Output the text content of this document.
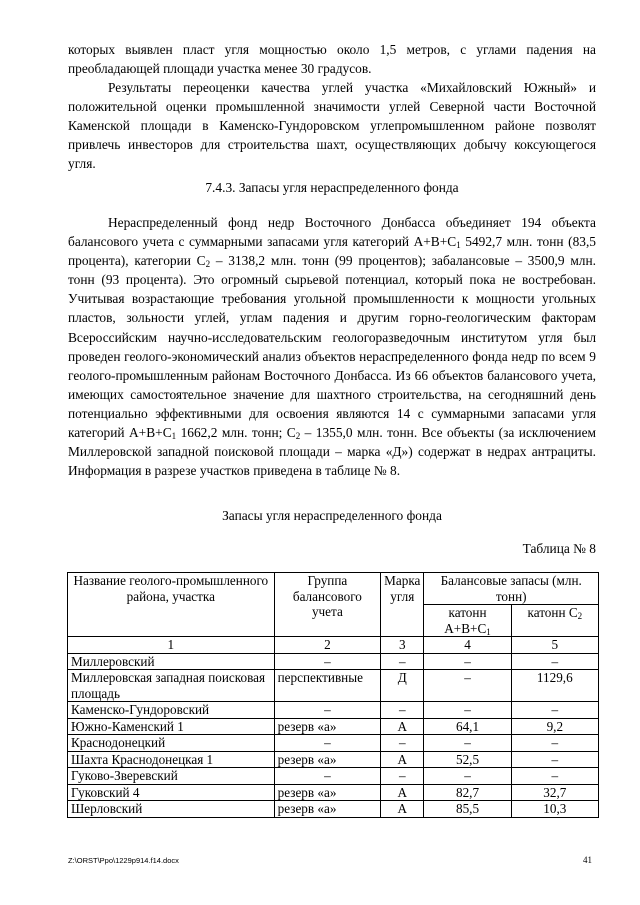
которых выявлен пласт угля мощностью около 1,5 метров, с углами падения на преобладающей площади участка менее 30 градусов.

Результаты переоценки качества углей участка «Михайловский Южный» и положительной оценки промышленной значимости углей Северной части Восточной Каменской площади в Каменско-Гундоровском углепромышленном районе позволят привлечь инвесторов для строительства шахт, осуществляющих добычу коксующегося угля.

7.4.3. Запасы угля нераспределенного фонда

Нераспределенный фонд недр Восточного Донбасса объединяет 194 объекта балансового учета с суммарными запасами угля категорий $А+В+С_1$ 5492,7 млн. тонн (83,5 процента), категории $С_2 - 3138,2$ млн. тонн (99 процентов); забалансовые – 3500,9 млн. тонн (93 процента). Это огромный сырьевой потенциал, который пока не востребован. Учитывая возрастающие требования угольной промышленности к мощности угольных пластов, зольности углей, углам падения и другим горно-геологическим факторам Всероссийским научно-исследовательским геологоразведочным институтом угля был проведен геолого-экономический анализ объектов нераспределенного фонда недр по всем 9 геолого-промышленным районам Восточного Донбасса. Из 66 объектов балансового учета, имеющих самостоятельное значение для шахтного строительства, на сегодняшний день потенциально эффективными для освоения являются 14 с суммарными запасами угля категорий $А+В+С_1$ 1662,2 млн. тонн; $С_2 - 1355,0$ млн. тонн. Все объекты (за исключением Миллеровской западной поисковой площади – марка «Д») содержат в недрах антрациты. Информация в разрезе участков приведена в таблице № 8.

Запасы угля нераспределенного фонда

Таблица № 8

Название геолого-промышленного района, участка	Группа балансового учета	Марка угля	Балансовые запасы (млн. тонн)	
			катонн $А+В+С_1$	катонн $С_2$
1	2	3	4	5
Миллеровский	–	–	–	–
Миллеровская западная поисковая площадь	перспективные	Д	–	1129,6
Каменско-Гундоровский	–	–	–	–
Южно-Каменский 1	резерв «а»	А	64,1	9,2
Краснодонецкий	–	–	–	–
Шахта Краснодонецкая 1	резерв «а»	А	52,5	–
Гуково-Зверевский	–	–	–	–
Гуковский 4	резерв «а»	А	82,7	32,7
Шерловский	резерв «а»	А	85,5	10,3
Z:\ORST\Ppo\1229p914.f14.docx	41
